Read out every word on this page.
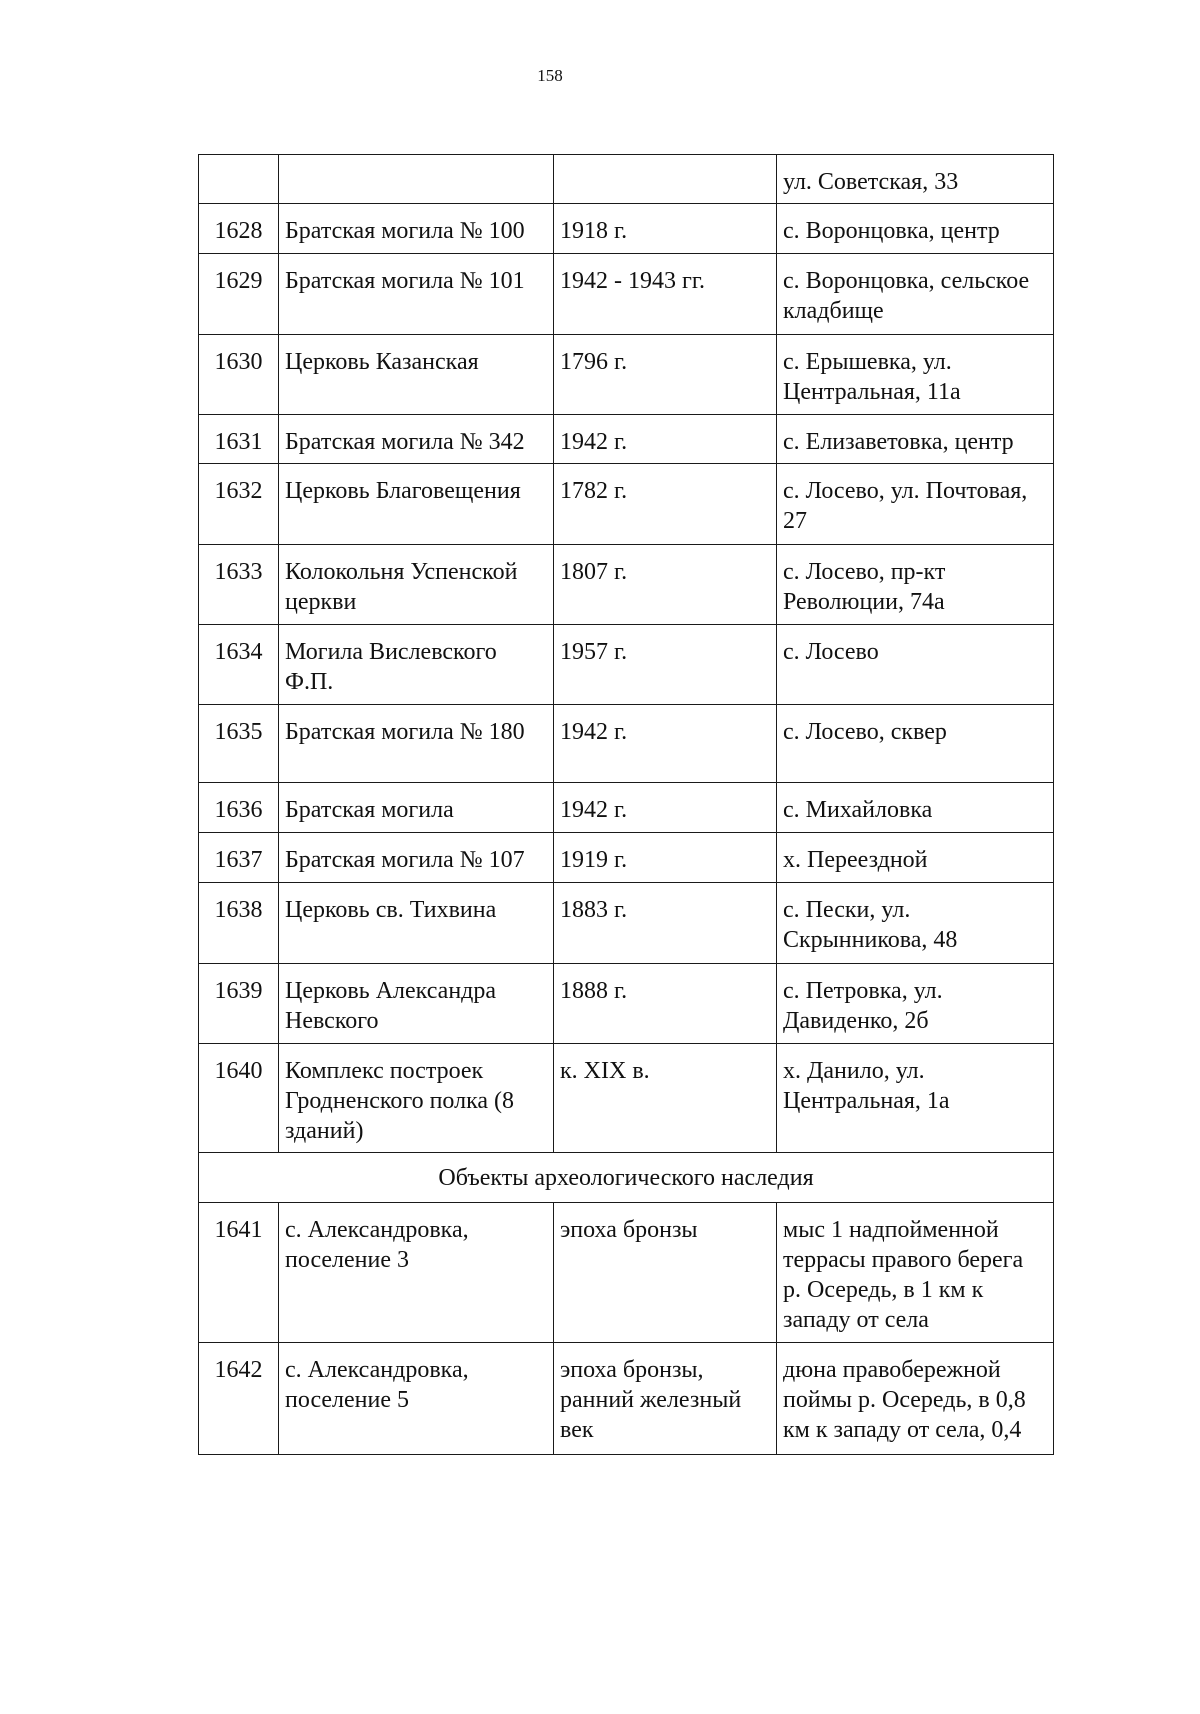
158
			ул. Советская, 33
1628	Братская могила № 100	1918 г.	с. Воронцовка, центр
1629	Братская могила № 101	1942 - 1943 гг.	с. Воронцовка, сельское кладбище
1630	Церковь Казанская	1796 г.	с. Ерышевка, ул. Центральная, 11а
1631	Братская могила № 342	1942 г.	с. Елизаветовка, центр
1632	Церковь Благовещения	1782 г.	с. Лосево, ул. Почтовая, 27
1633	Колокольня Успенской церкви	1807 г.	с. Лосево, пр-кт Революции, 74а
1634	Могила Вислевского Ф.П.	1957 г.	с. Лосево
1635	Братская могила № 180	1942 г.	с. Лосево, сквер
1636	Братская могила	1942 г.	с. Михайловка
1637	Братская могила № 107	1919 г.	х. Переездной
1638	Церковь св. Тихвина	1883 г.	с. Пески, ул. Скрынникова, 48
1639	Церковь Александра Невского	1888 г.	с. Петровка, ул. Давиденко, 2б
1640	Комплекс построек Гродненского полка (8 зданий)	к. XIX в.	х. Данило, ул. Центральная, 1а
Объекты археологического наследия			
1641	с. Александровка, поселение 3	эпоха бронзы	мыс 1 надпойменной террасы правого берега р. Осередь, в 1 км к западу от села
1642	с. Александровка, поселение 5	эпоха бронзы, ранний железный век	дюна правобережной поймы р. Осередь, в 0,8 км к западу от села, 0,4
